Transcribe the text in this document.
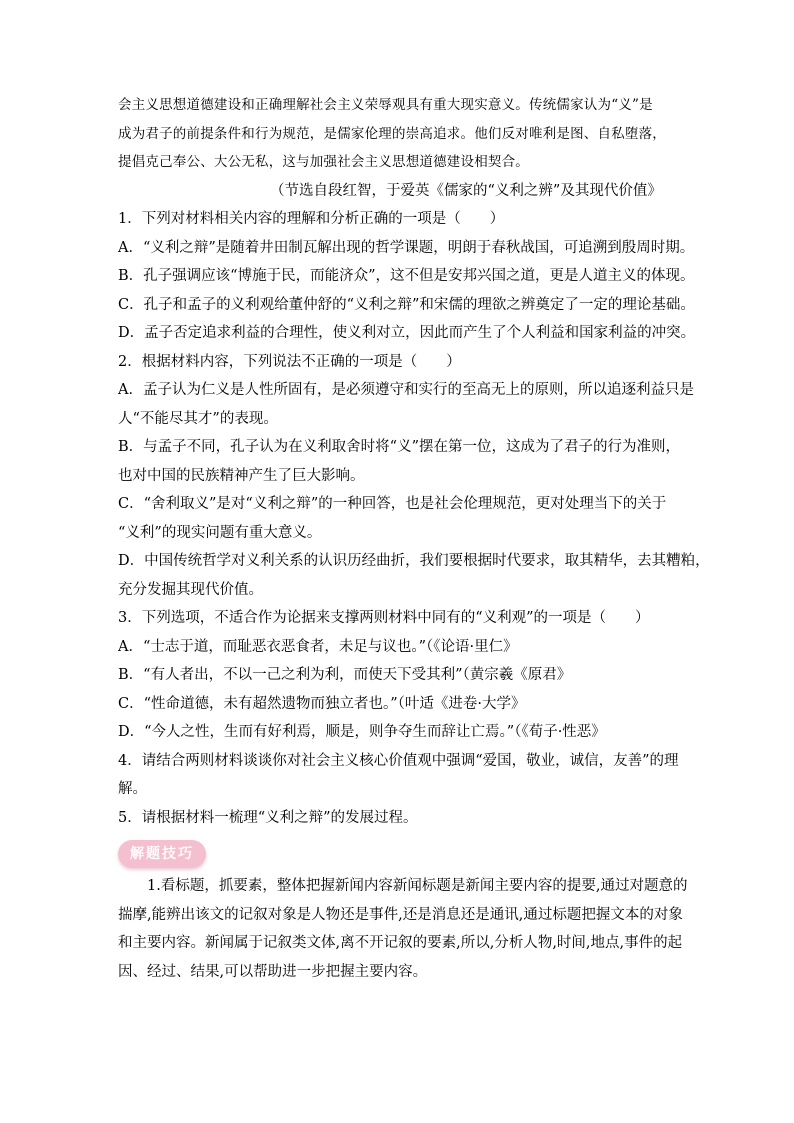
会主义思想道德建设和正确理解社会主义荣辱观具有重大现实意义。传统儒家认为“义”是

成为君子的前提条件和行为规范，是儒家伦理的崇高追求。他们反对唯利是图、自私堕落，

提倡克己奉公、大公无私，这与加强社会主义思想道德建设相契合。

（节选自段红智，于爱英《儒家的“义利之辨”及其现代价值》

1．下列对材料相关内容的理解和分析正确的一项是（　　）

A．“义利之辩”是随着井田制瓦解出现的哲学课题，明朗于春秋战国，可追溯到殷周时期。

B．孔子强调应该“博施于民，而能济众”，这不但是安邦兴国之道，更是人道主义的体现。

C．孔子和孟子的义利观给董仲舒的“义利之辩”和宋儒的理欲之辨奠定了一定的理论基础。

D．孟子否定追求利益的合理性，使义利对立，因此而产生了个人利益和国家利益的冲突。

2．根据材料内容，下列说法不正确的一项是（　　）

A．孟子认为仁义是人性所固有，是必须遵守和实行的至高无上的原则，所以追逐利益只是

人“不能尽其才”的表现。

B．与孟子不同，孔子认为在义利取舍时将“义”摆在第一位，这成为了君子的行为准则，

也对中国的民族精神产生了巨大影响。

C．“舍利取义”是对“义利之辩”的一种回答，也是社会伦理规范，更对处理当下的关于

“义利”的现实问题有重大意义。

D．中国传统哲学对义利关系的认识历经曲折，我们要根据时代要求，取其精华，去其糟粕，

充分发掘其现代价值。

3．下列选项，不适合作为论据来支撑两则材料中同有的“义利观”的一项是（　　）

A．“士志于道，而耻恶衣恶食者，未足与议也。”（《论语·里仁》

B．“有人者出，不以一己之利为利，而使天下受其利”（黄宗羲《原君》

C．“性命道德，未有超然遗物而独立者也。”（叶适《进卷·大学》

D．“今人之性，生而有好利焉，顺是，则争夺生而辞让亡焉。”（《荀子·性恶》

4．请结合两则材料谈谈你对社会主义核心价值观中强调“爱国，敬业，诚信，友善”的理

解。

5．请根据材料一梳理“义利之辩”的发展过程。

解题技巧

1.看标题，抓要素，整体把握新闻内容新闻标题是新闻主要内容的提要,通过对题意的

揣摩,能辨出该文的记叙对象是人物还是事件,还是消息还是通讯,通过标题把握文本的对象

和主要内容。新闻属于记叙类文体,离不开记叙的要素,所以,分析人物,时间,地点,事件的起

因、经过、结果,可以帮助进一步把握主要内容。
